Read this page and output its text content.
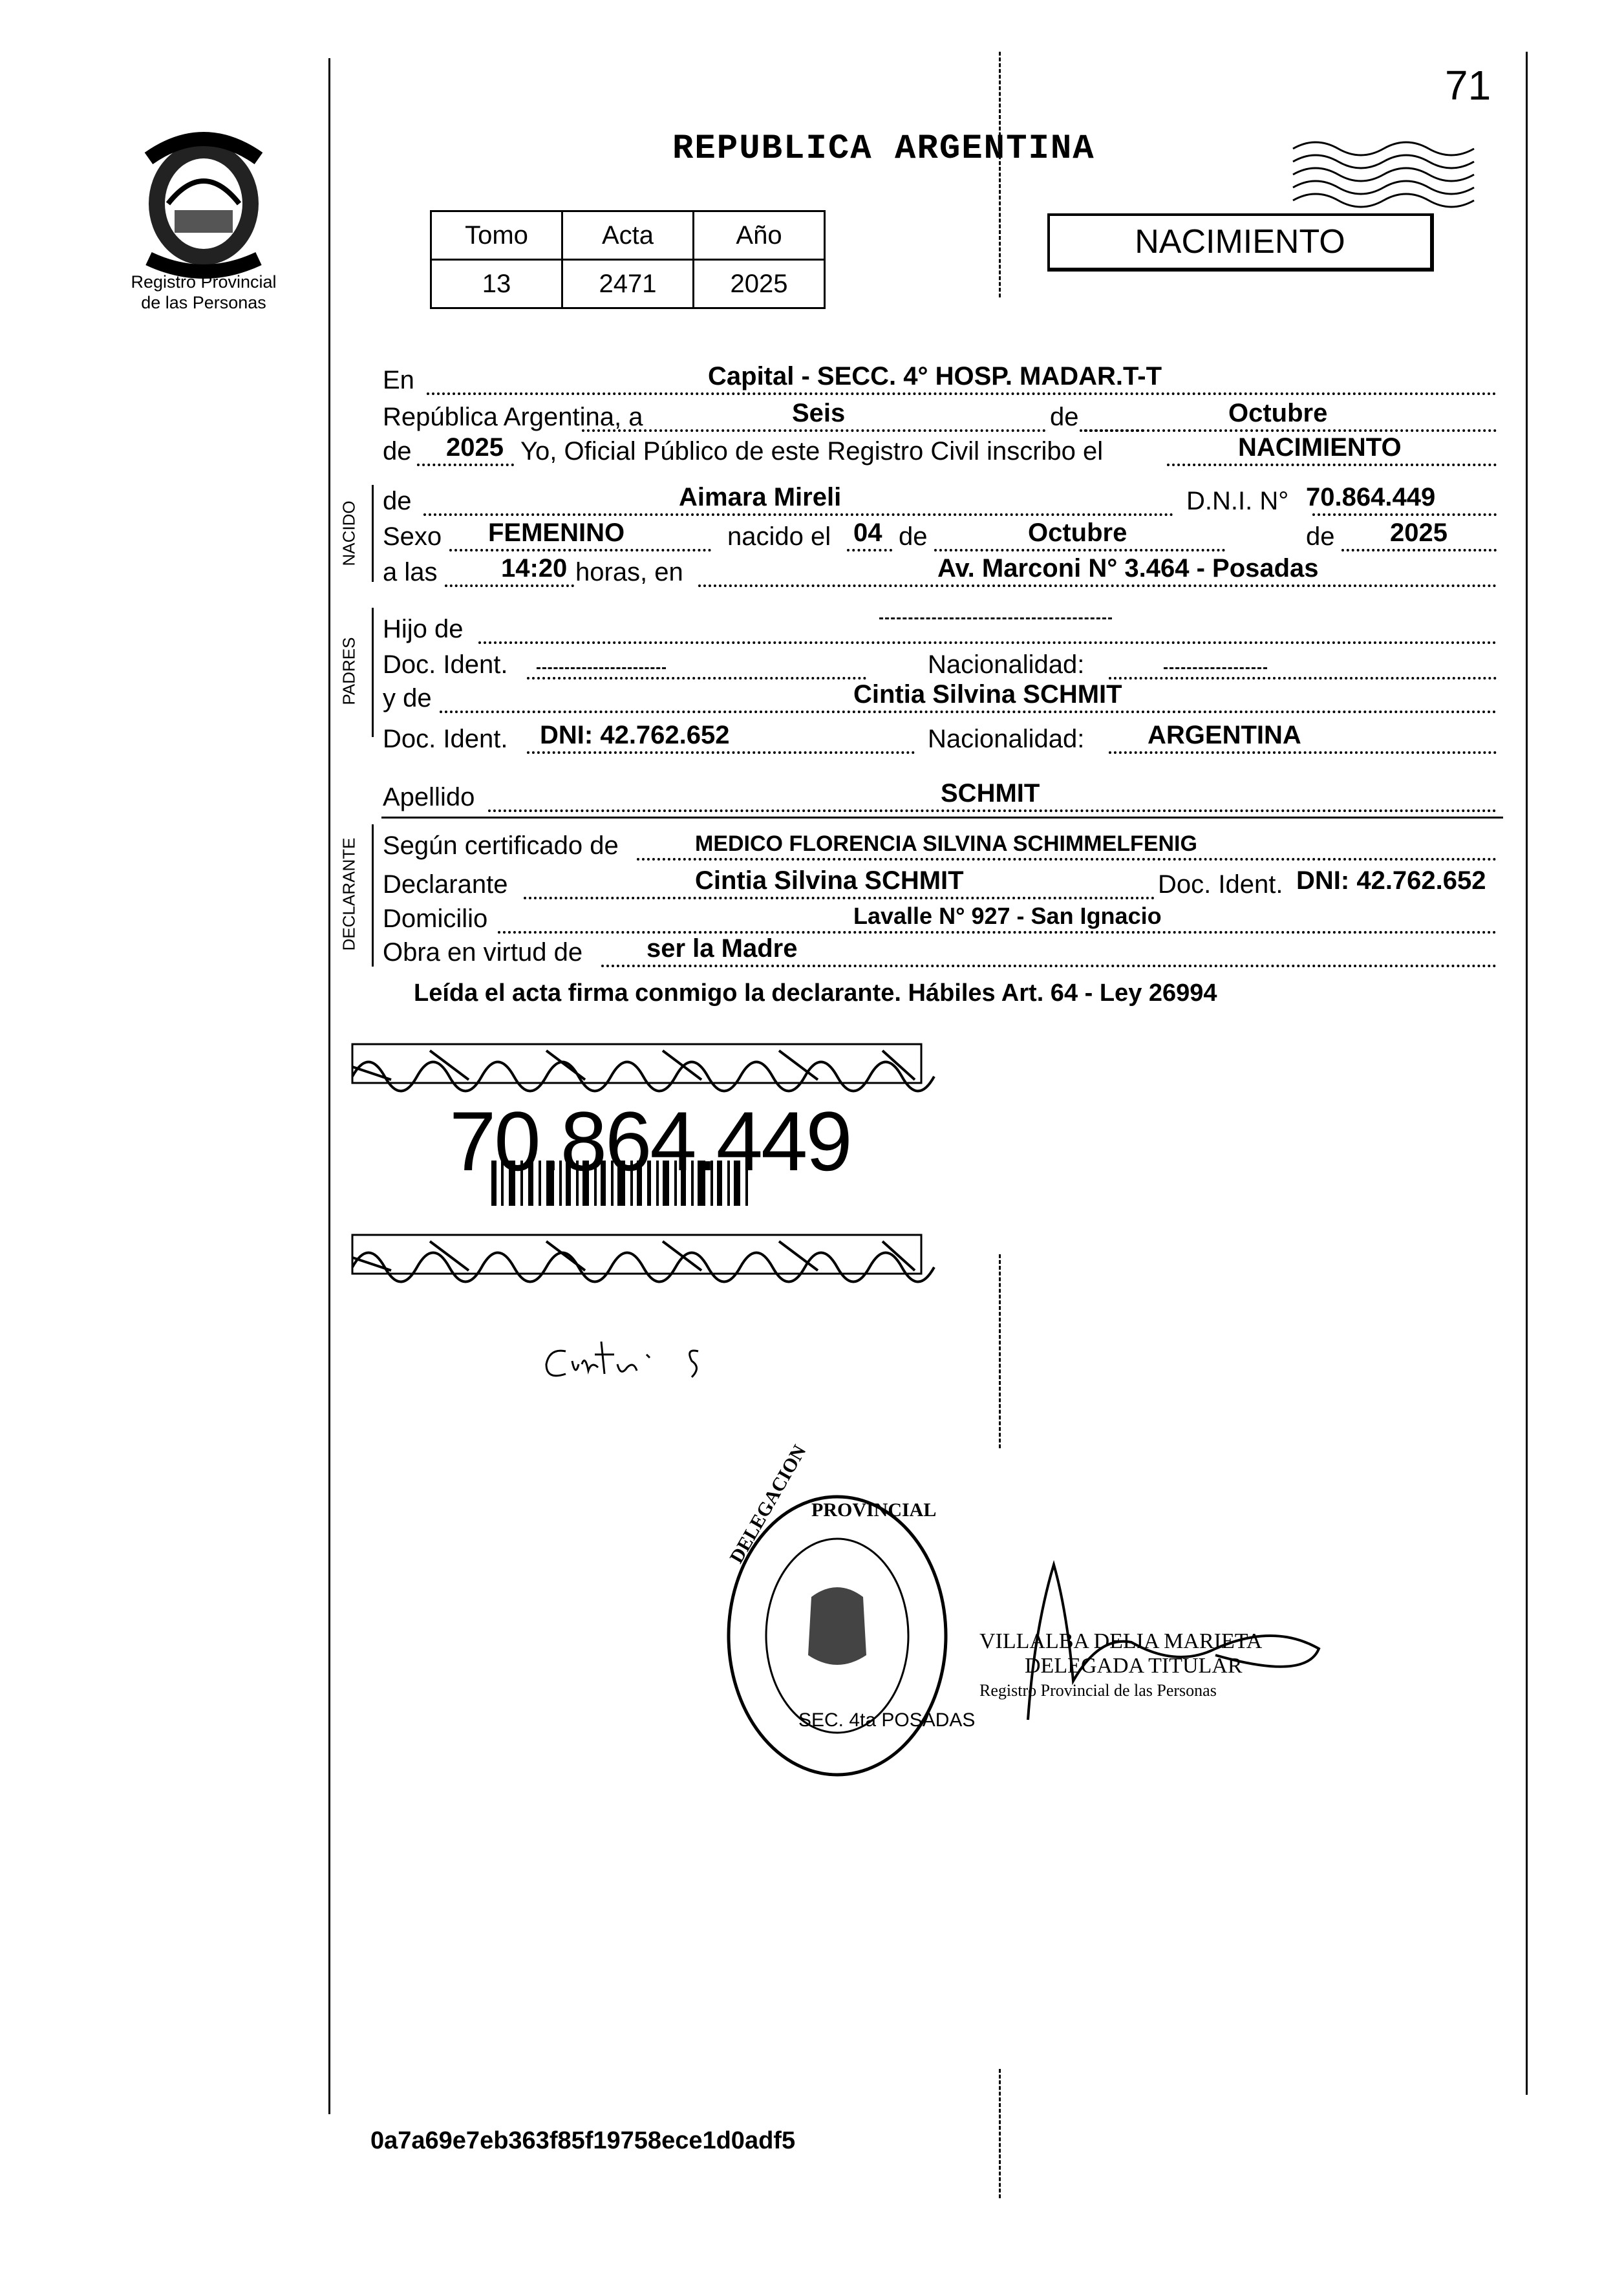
71
Registro Provincial
de las Personas
REPUBLICA ARGENTINA
Tomo	Acta	Año
13	2471	2025
NACIMIENTO
NACIDO
PADRES
DECLARANTE
En	Capital - SECC. 4° HOSP. MADAR.T-T
República Argentina, a	Seis	de	Octubre
de 2025 Yo, Oficial Público de este Registro Civil inscribo el	NACIMIENTO
de	Aimara Mireli	D.N.I. N° 70.864.449
Sexo FEMENINO	nacido el 04 de	Octubre	de 2025
a las 14:20 horas, en	Av. Marconi N° 3.464 - Posadas
Hijo de
Doc. Ident.	Nacionalidad:
y de	Cintia Silvina SCHMIT
Doc. Ident. DNI: 42.762.652	Nacionalidad: ARGENTINA
Apellido	SCHMIT
Según certificado de	MEDICO FLORENCIA SILVINA SCHIMMELFENIG
Declarante	Cintia Silvina SCHMIT	Doc. Ident. DNI: 42.762.652
Domicilio	Lavalle N° 927 - San Ignacio
Obra en virtud de ser la Madre
Leída el acta firma conmigo la declarante. Hábiles Art. 64 - Ley 26994
70.864.449
DELEGACION PROVINCIAL
SEC. 4ta POSADAS
VILLALBA DELIA MARIETA
DELEGADA TITULAR
Registro Provincial de las Personas
0a7a69e7eb363f85f19758ece1d0adf5
